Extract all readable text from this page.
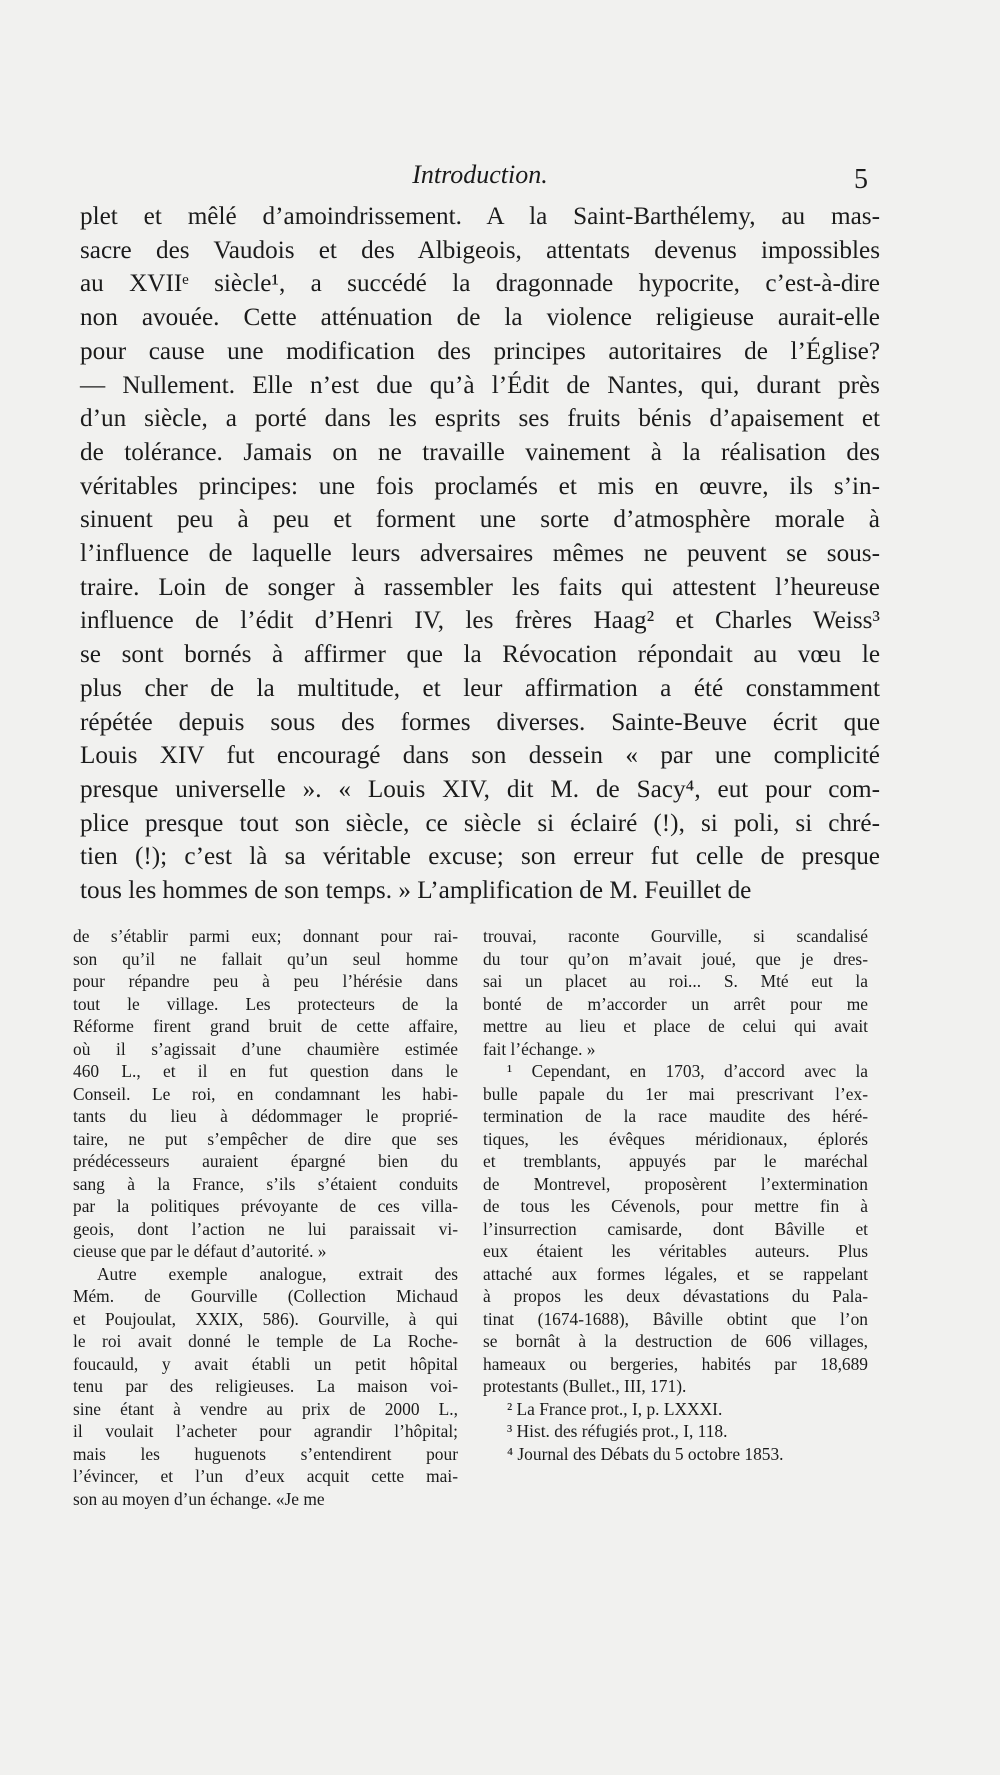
Introduction.	5
plet et mêlé d’amoindrissement. A la Saint-Barthélemy, au mas-
sacre des Vaudois et des Albigeois, attentats devenus impossibles
au XVIIᵉ siècle¹, a succédé la dragonnade hypocrite, c’est-à-dire
non avouée. Cette atténuation de la violence religieuse aurait-elle
pour cause une modification des principes autoritaires de l’Église?
— Nullement. Elle n’est due qu’à l’Édit de Nantes, qui, durant près
d’un siècle, a porté dans les esprits ses fruits bénis d’apaisement et
de tolérance. Jamais on ne travaille vainement à la réalisation des
véritables principes: une fois proclamés et mis en œuvre, ils s’in-
sinuent peu à peu et forment une sorte d’atmosphère morale à
l’influence de laquelle leurs adversaires mêmes ne peuvent se sous-
traire. Loin de songer à rassembler les faits qui attestent l’heureuse
influence de l’édit d’Henri IV, les frères Haag² et Charles Weiss³
se sont bornés à affirmer que la Révocation répondait au vœu le
plus cher de la multitude, et leur affirmation a été constamment
répétée depuis sous des formes diverses. Sainte-Beuve écrit que
Louis XIV fut encouragé dans son dessein « par une complicité
presque universelle ». « Louis XIV, dit M. de Sacy⁴, eut pour com-
plice presque tout son siècle, ce siècle si éclairé (!), si poli, si chré-
tien (!); c’est là sa véritable excuse; son erreur fut celle de presque
tous les hommes de son temps. » L’amplification de M. Feuillet de
de s’établir parmi eux; donnant pour rai-
son qu’il ne fallait qu’un seul homme
pour répandre peu à peu l’hérésie dans
tout le village. Les protecteurs de la
Réforme firent grand bruit de cette affaire,
où il s’agissait d’une chaumière estimée
460 L., et il en fut question dans le
Conseil. Le roi, en condamnant les habi-
tants du lieu à dédommager le proprié-
taire, ne put s’empêcher de dire que ses
prédécesseurs auraient épargné bien du
sang à la France, s’ils s’étaient conduits
par la politiques prévoyante de ces villa-
geois, dont l’action ne lui paraissait vi-
cieuse que par le défaut d’autorité. »
Autre exemple analogue, extrait des
Mém. de Gourville (Collection Michaud
et Poujoulat, XXIX, 586). Gourville, à qui
le roi avait donné le temple de La Roche-
foucauld, y avait établi un petit hôpital
tenu par des religieuses. La maison voi-
sine étant à vendre au prix de 2000 L.,
il voulait l’acheter pour agrandir l’hôpital;
mais les huguenots s’entendirent pour
l’évincer, et l’un d’eux acquit cette mai-
son au moyen d’un échange. «Je me
trouvai, raconte Gourville, si scandalisé
du tour qu’on m’avait joué, que je dres-
sai un placet au roi... S. Mté eut la
bonté de m’accorder un arrêt pour me
mettre au lieu et place de celui qui avait
fait l’échange. »
¹ Cependant, en 1703, d’accord avec la
bulle papale du 1er mai prescrivant l’ex-
termination de la race maudite des héré-
tiques, les évêques méridionaux, éplorés
et tremblants, appuyés par le maréchal
de Montrevel, proposèrent l’extermination
de tous les Cévenols, pour mettre fin à
l’insurrection camisarde, dont Bâville et
eux étaient les véritables auteurs. Plus
attaché aux formes légales, et se rappelant
à propos les deux dévastations du Pala-
tinat (1674-1688), Bâville obtint que l’on
se bornât à la destruction de 606 villages,
hameaux ou bergeries, habités par 18,689
protestants (Bullet., III, 171).
² La France prot., I, p. LXXXI.
³ Hist. des réfugiés prot., I, 118.
⁴ Journal des Débats du 5 octobre 1853.
